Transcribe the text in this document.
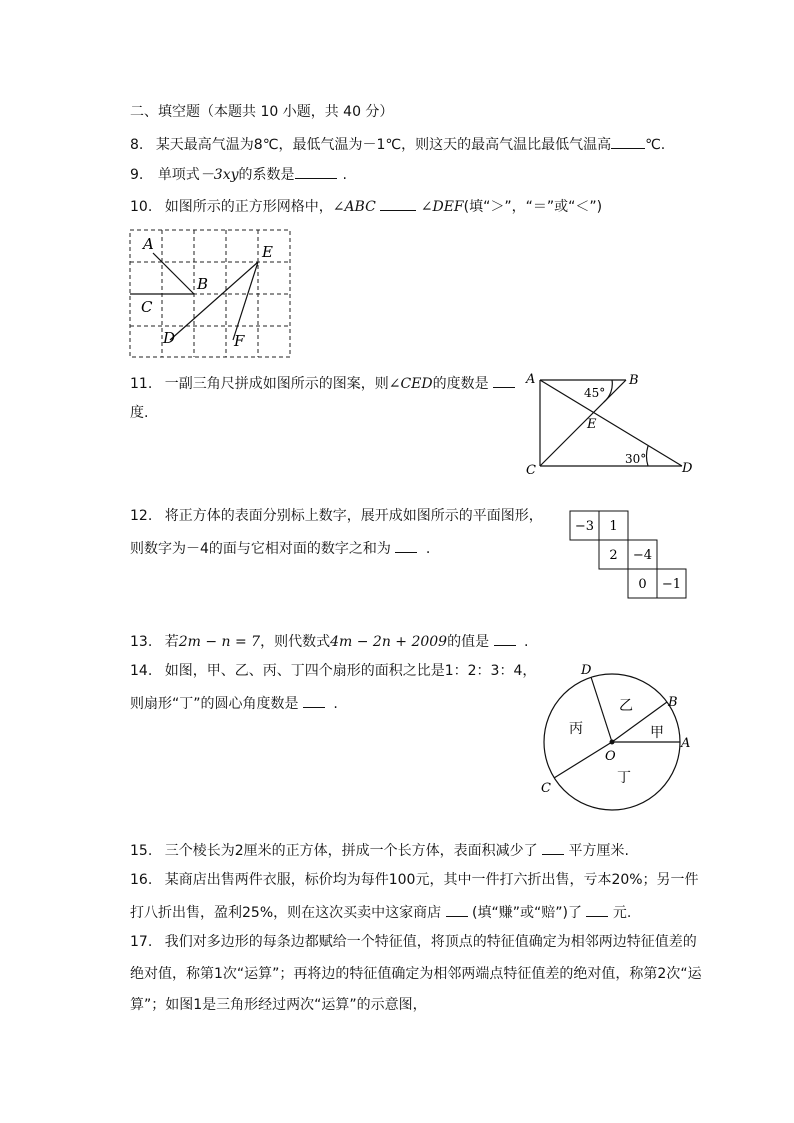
二、填空题（本题共 10 小题，共 40 分）
8. 某天最高气温为8℃，最低气温为－1℃，则这天的最高气温比最低气温高 ℃.
9. 单项式－3xy的系数是	.
10. 如图所示的正方形网格中，∠ABC	∠DEF(填“＞”，“＝”或“＜”)
A
B
C
D
E
F
11. 一副三角尺拼成如图所示的图案，则∠CED的度数是
度.
A	B
C	D
E
45°
30°
12. 将正方体的表面分别标上数字，展开成如图所示的平面图形，
则数字为－4的面与它相对面的数字之和为 .
−3 1
2 −4
0 −1
13. 若2m − n = 7，则代数式4m − 2n + 2009的值是 .
14. 如图，甲、乙、丙、丁四个扇形的面积之比是1：2：3：4，
则扇形“丁”的圆心角度数是 .
A
B
C
D
O
甲
乙
丙
丁
15. 三个棱长为2厘米的正方体，拼成一个长方体，表面积减少了 平方厘米.
16. 某商店出售两件衣服，标价均为每件100元，其中一件打六折出售，亏本20%；另一件
打八折出售，盈利25%，则在这次买卖中这家商店 (填“赚”或“赔”)了 元.
17. 我们对多边形的每条边都赋给一个特征值，将顶点的特征值确定为相邻两边特征值差的
绝对值，称第1次“运算”；再将边的特征值确定为相邻两端点特征值差的绝对值，称第2次“运
算”；如图1是三角形经过两次“运算”的示意图，
